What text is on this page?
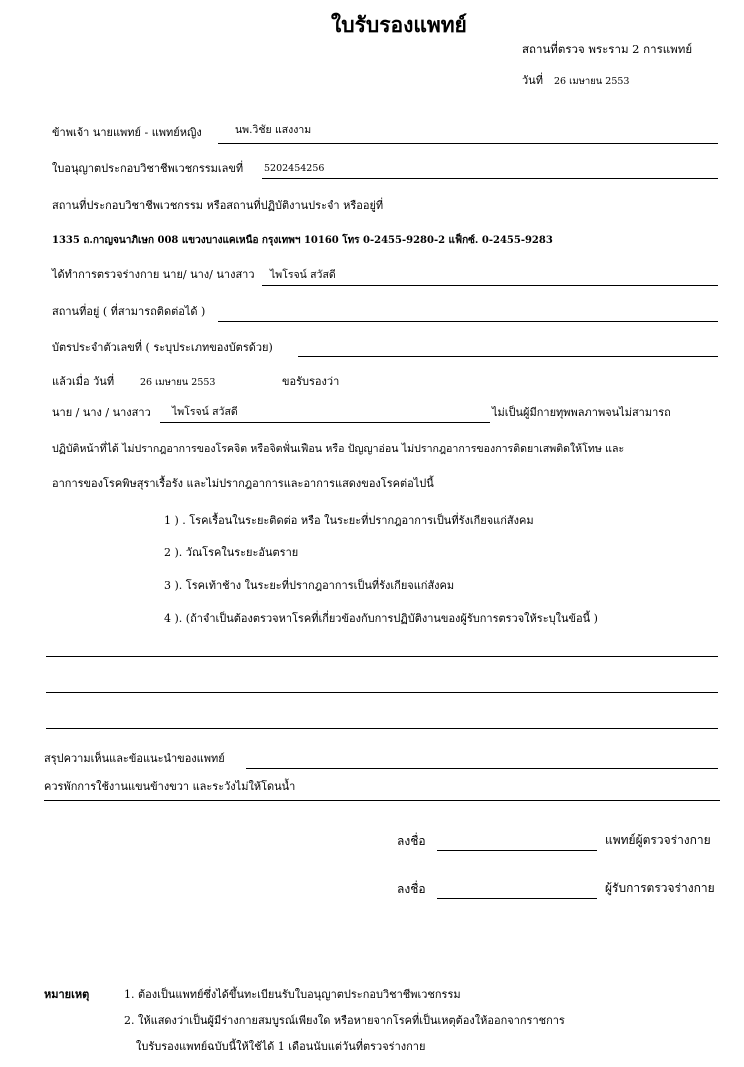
ใบรับรองแพทย์
สถานที่ตรวจ พระราม 2 การแพทย์
วันที่ 26 เมษายน 2553
ข้าพเจ้า นายแพทย์ - แพทย์หญิง	นพ.วิชัย แสงงาม
ใบอนุญาตประกอบวิชาชีพเวชกรรมเลขที่ 5202454256
สถานที่ประกอบวิชาชีพเวชกรรม หรือสถานที่ปฏิบัติงานประจำ หรืออยู่ที่
1335 ถ.กาญจนาภิเษก 008 แขวงบางแคเหนือ กรุงเทพฯ 10160 โทร 0-2455-9280-2 แฟ็กซ์. 0-2455-9283
ได้ทำการตรวจร่างกาย นาย/ นาง/ นางสาว ไพโรจน์ สวัสดี
สถานที่อยู่ ( ที่สามารถติดต่อได้ )
บัตรประจำตัวเลขที่ ( ระบุประเภทของบัตรด้วย)
แล้วเมื่อ วันที่	26 เมษายน 2553	ขอรับรองว่า
นาย / นาง / นางสาว ไพโรจน์ สวัสดี	ไม่เป็นผู้มีกายทุพพลภาพจนไม่สามารถ
ปฏิบัติหน้าที่ได้ ไม่ปรากฎอาการของโรคจิต หรือจิตฟั่นเฟือน หรือ ปัญญาอ่อน ไม่ปรากฎอาการของการติดยาเสพติดให้โทษ และ
อาการของโรคพิษสุราเรื้อรัง และไม่ปรากฎอาการและอาการแสดงของโรคต่อไปนี้
1 ) . โรคเรื้อนในระยะติดต่อ หรือ ในระยะที่ปรากฎอาการเป็นที่รังเกียจแก่สังคม
2 ). วัณโรคในระยะอันตราย
3 ). โรคเท้าช้าง ในระยะที่ปรากฎอาการเป็นที่รังเกียจแก่สังคม
4 ). (ถ้าจำเป็นต้องตรวจหาโรคที่เกี่ยวข้องกับการปฏิบัติงานของผู้รับการตรวจให้ระบุในข้อนี้ )
สรุปความเห็นและข้อแนะนำของแพทย์
ควรพักการใช้งานแขนข้างขวา และระวังไม่ให้โดนน้ำ
ลงชื่อ	แพทย์ผู้ตรวจร่างกาย
ลงชื่อ	ผู้รับการตรวจร่างกาย
หมายเหตุ	1. ต้องเป็นแพทย์ซึ่งได้ขึ้นทะเบียนรับใบอนุญาตประกอบวิชาชีพเวชกรรม
2. ให้แสดงว่าเป็นผู้มีร่างกายสมบูรณ์เพียงใด หรือหายจากโรคที่เป็นเหตุต้องให้ออกจากราชการ
ใบรับรองแพทย์ฉบับนี้ให้ใช้ได้ 1 เดือนนับแต่วันที่ตรวจร่างกาย
